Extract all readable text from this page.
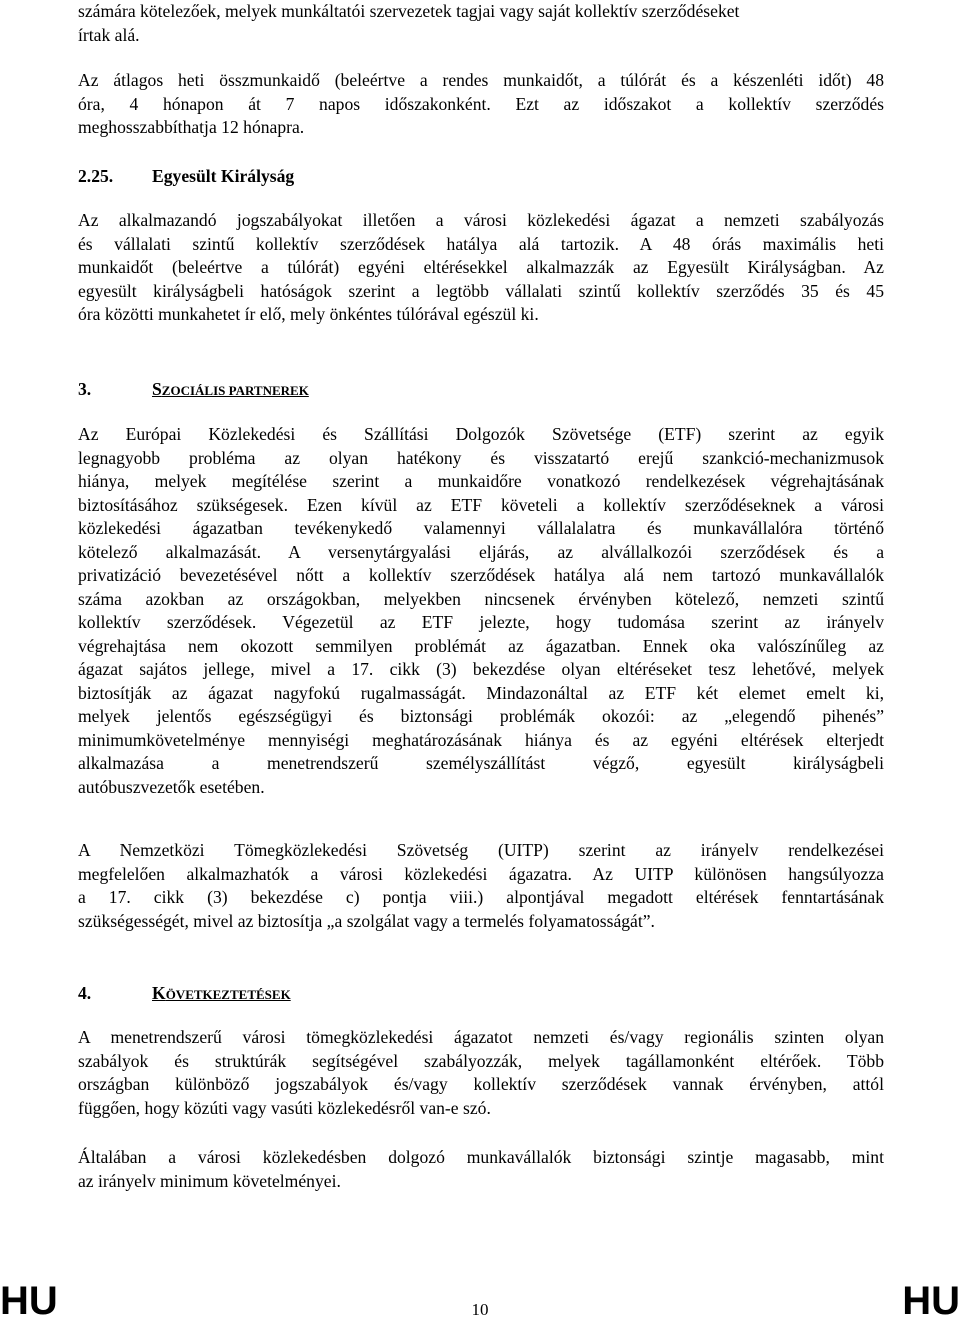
számára kötelezőek, melyek munkáltatói szervezetek tagjai vagy saját kollektív szerződéseket

írtak alá.

Az átlagos heti összmunkaidő (beleértve a rendes munkaidőt, a túlórát és a készenléti időt) 48
óra, 4 hónapon át 7 napos időszakonként. Ezt az időszakot a kollektív szerződés
meghosszabbíthatja 12 hónapra.
2.25. Egyesült Királyság
Az alkalmazandó jogszabályokat illetően a városi közlekedési ágazat a nemzeti szabályozás
és vállalati szintű kollektív szerződések hatálya alá tartozik. A 48 órás maximális heti
munkaidőt (beleértve a túlórát) egyéni eltérésekkel alkalmazzák az Egyesült Királyságban. Az
egyesült királyságbeli hatóságok szerint a legtöbb vállalati szintű kollektív szerződés 35 és 45
óra közötti munkahetet ír elő, mely önkéntes túlórával egészül ki.
3.	SZOCIÁLIS PARTNEREK
Az Európai Közlekedési és Szállítási Dolgozók Szövetsége (ETF) szerint az egyik
legnagyobb probléma az olyan hatékony és visszatartó erejű szankció-mechanizmusok
hiánya, melyek megítélése szerint a munkaidőre vonatkozó rendelkezések végrehajtásának
biztosításához szükségesek. Ezen kívül az ETF követeli a kollektív szerződéseknek a városi
közlekedési ágazatban tevékenykedő valamennyi vállalalatra és munkavállalóra történő
kötelező alkalmazását. A versenytárgyalási eljárás, az alvállalkozói szerződések és a
privatizáció bevezetésével nőtt a kollektív szerződések hatálya alá nem tartozó munkavállalók
száma azokban az országokban, melyekben nincsenek érvényben kötelező, nemzeti szintű
kollektív szerződések. Végezetül az ETF jelezte, hogy tudomása szerint az irányelv
végrehajtása nem okozott semmilyen problémát az ágazatban. Ennek oka valószínűleg az
ágazat sajátos jellege, mivel a 17. cikk (3) bekezdése olyan eltéréseket tesz lehetővé, melyek
biztosítják az ágazat nagyfokú rugalmasságát. Mindazonáltal az ETF két elemet emelt ki,
melyek jelentős egészségügyi és biztonsági problémák okozói: az „elegendő pihenés”
minimumkövetelménye mennyiségi meghatározásának hiánya és az egyéni eltérések elterjedt
alkalmazása a menetrendszerű személyszállítást végző, egyesült királyságbeli
autóbuszvezetők esetében.
A Nemzetközi Tömegközlekedési Szövetség (UITP) szerint az irányelv rendelkezései
megfelelően alkalmazhatók a városi közlekedési ágazatra. Az UITP különösen hangsúlyozza
a 17. cikk (3) bekezdése c) pontja viii.) alpontjával megadott eltérések fenntartásának
szükségességét, mivel az biztosítja „a szolgálat vagy a termelés folyamatosságát”.
4.	KÖVETKEZTETÉSEK
A menetrendszerű városi tömegközlekedési ágazatot nemzeti és/vagy regionális szinten olyan
szabályok és struktúrák segítségével szabályozzák, melyek tagállamonként eltérőek. Több
országban különböző jogszabályok és/vagy kollektív szerződések vannak érvényben, attól
függően, hogy közúti vagy vasúti közlekedésről van-e szó.
Általában a városi közlekedésben dolgozó munkavállalók biztonsági szintje magasabb, mint
az irányelv minimum követelményei.
HU	HU
10
